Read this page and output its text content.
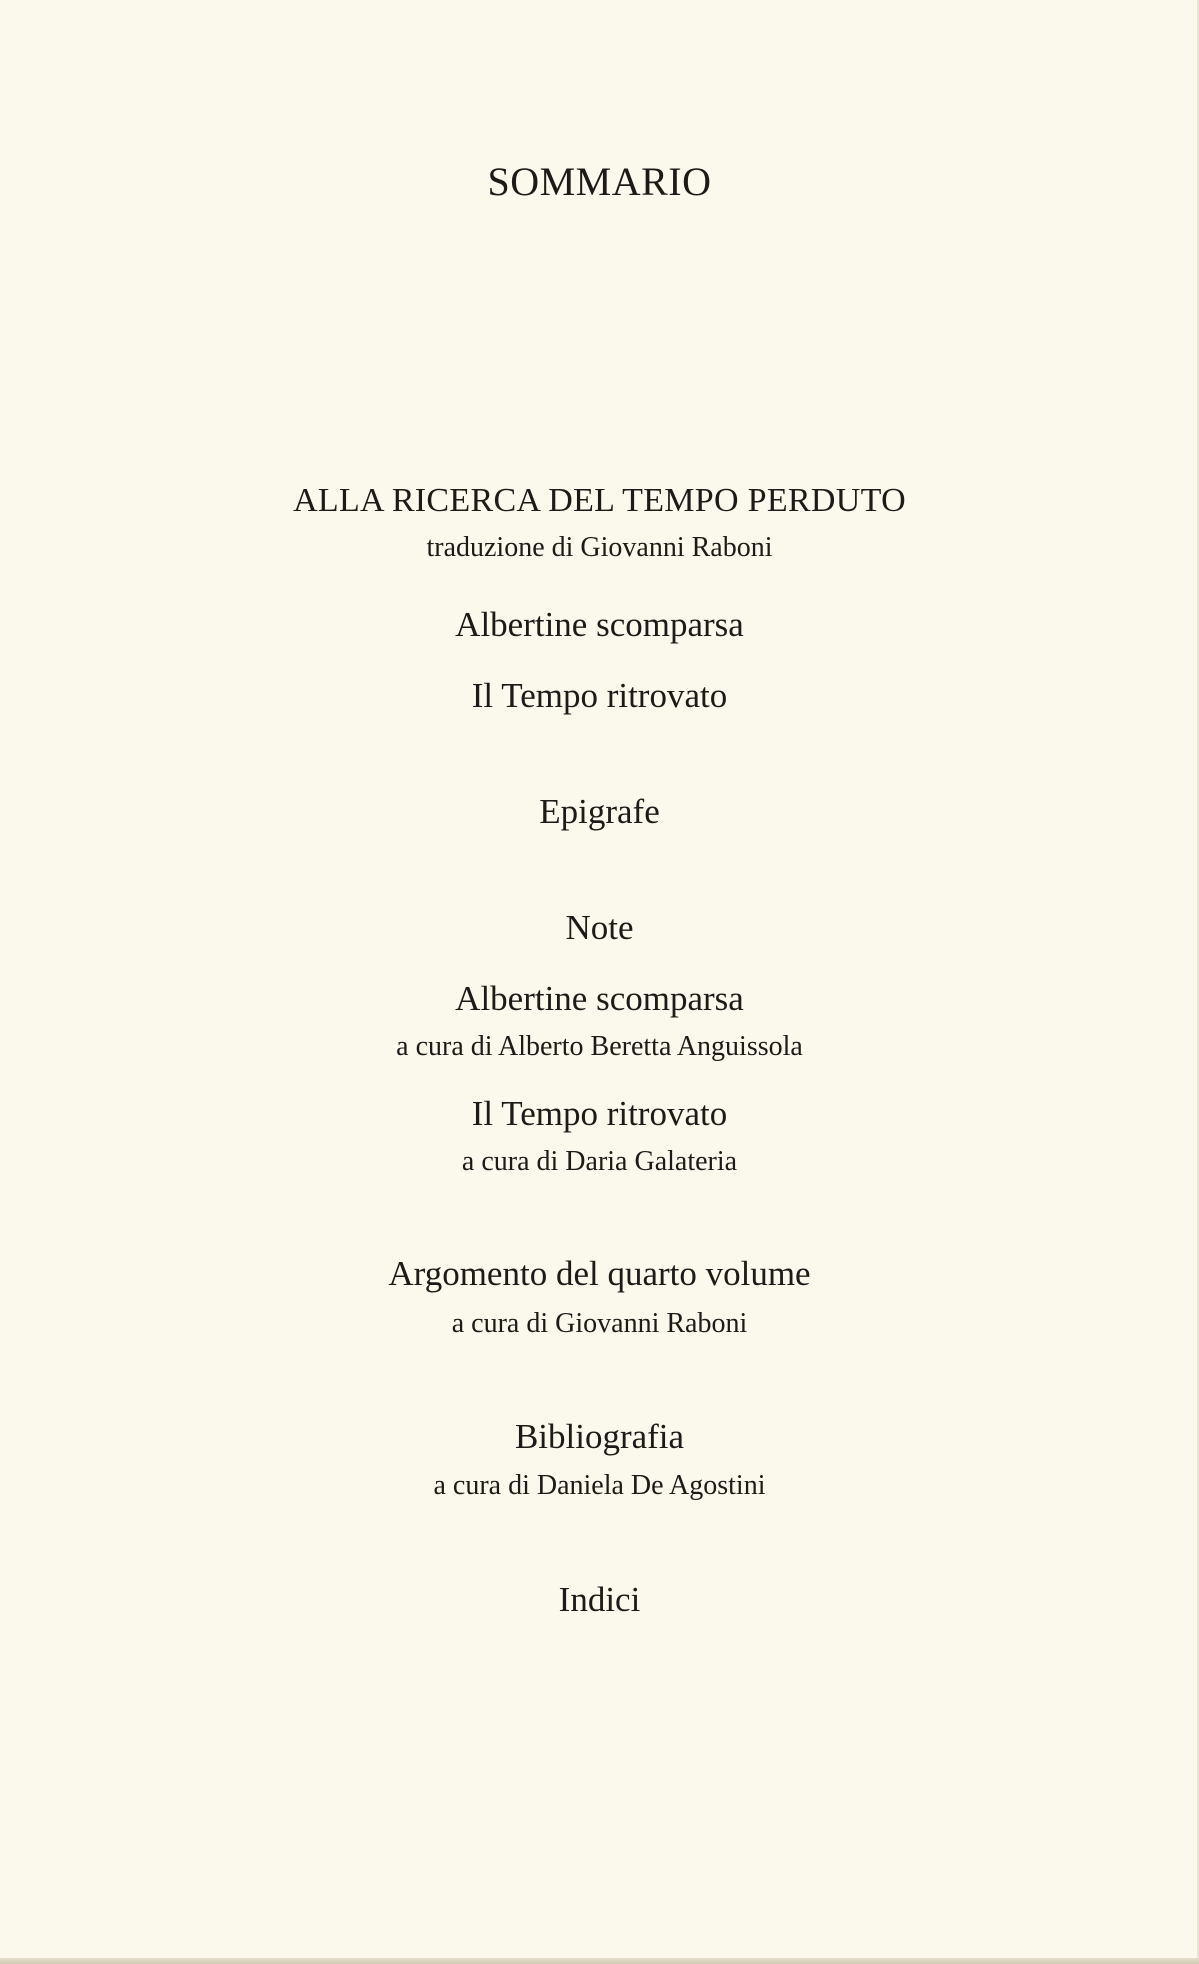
SOMMARIO
ALLA RICERCA DEL TEMPO PERDUTO
traduzione di Giovanni Raboni
Albertine scomparsa
Il Tempo ritrovato
Epigrafe
Note
Albertine scomparsa
a cura di Alberto Beretta Anguissola
Il Tempo ritrovato
a cura di Daria Galateria
Argomento del quarto volume
a cura di Giovanni Raboni
Bibliografia
a cura di Daniela De Agostini
Indici
